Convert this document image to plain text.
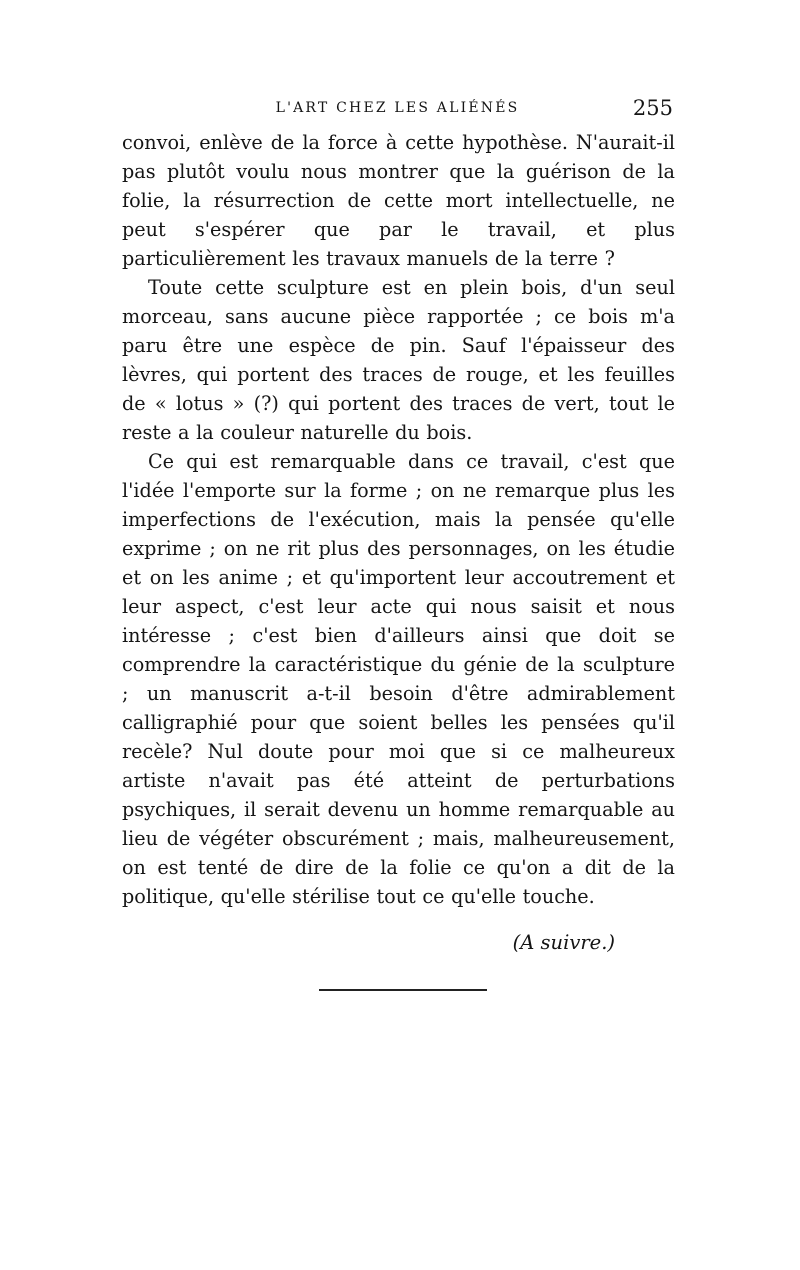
L'ART CHEZ LES ALIÉNÉS	255

convoi, enlève de la force à cette hypothèse. N'aurait-il pas plutôt voulu nous montrer que la guérison de la folie, la résurrection de cette mort intellectuelle, ne peut s'espérer que par le travail, et plus particulièrement les travaux manuels de la terre ?

Toute cette sculpture est en plein bois, d'un seul morceau, sans aucune pièce rapportée ; ce bois m'a paru être une espèce de pin. Sauf l'épaisseur des lèvres, qui portent des traces de rouge, et les feuilles de « lotus » (?) qui portent des traces de vert, tout le reste a la couleur naturelle du bois.

Ce qui est remarquable dans ce travail, c'est que l'idée l'emporte sur la forme ; on ne remarque plus les imperfections de l'exécution, mais la pensée qu'elle exprime ; on ne rit plus des personnages, on les étudie et on les anime ; et qu'importent leur accoutrement et leur aspect, c'est leur acte qui nous saisit et nous intéresse ; c'est bien d'ailleurs ainsi que doit se comprendre la caractéristique du génie de la sculpture ; un manuscrit a-t-il besoin d'être admirablement calligraphié pour que soient belles les pensées qu'il recèle? Nul doute pour moi que si ce malheureux artiste n'avait pas été atteint de perturbations psychiques, il serait devenu un homme remarquable au lieu de végéter obscurément ; mais, malheureusement, on est tenté de dire de la folie ce qu'on a dit de la politique, qu'elle stérilise tout ce qu'elle touche.

(A suivre.)
